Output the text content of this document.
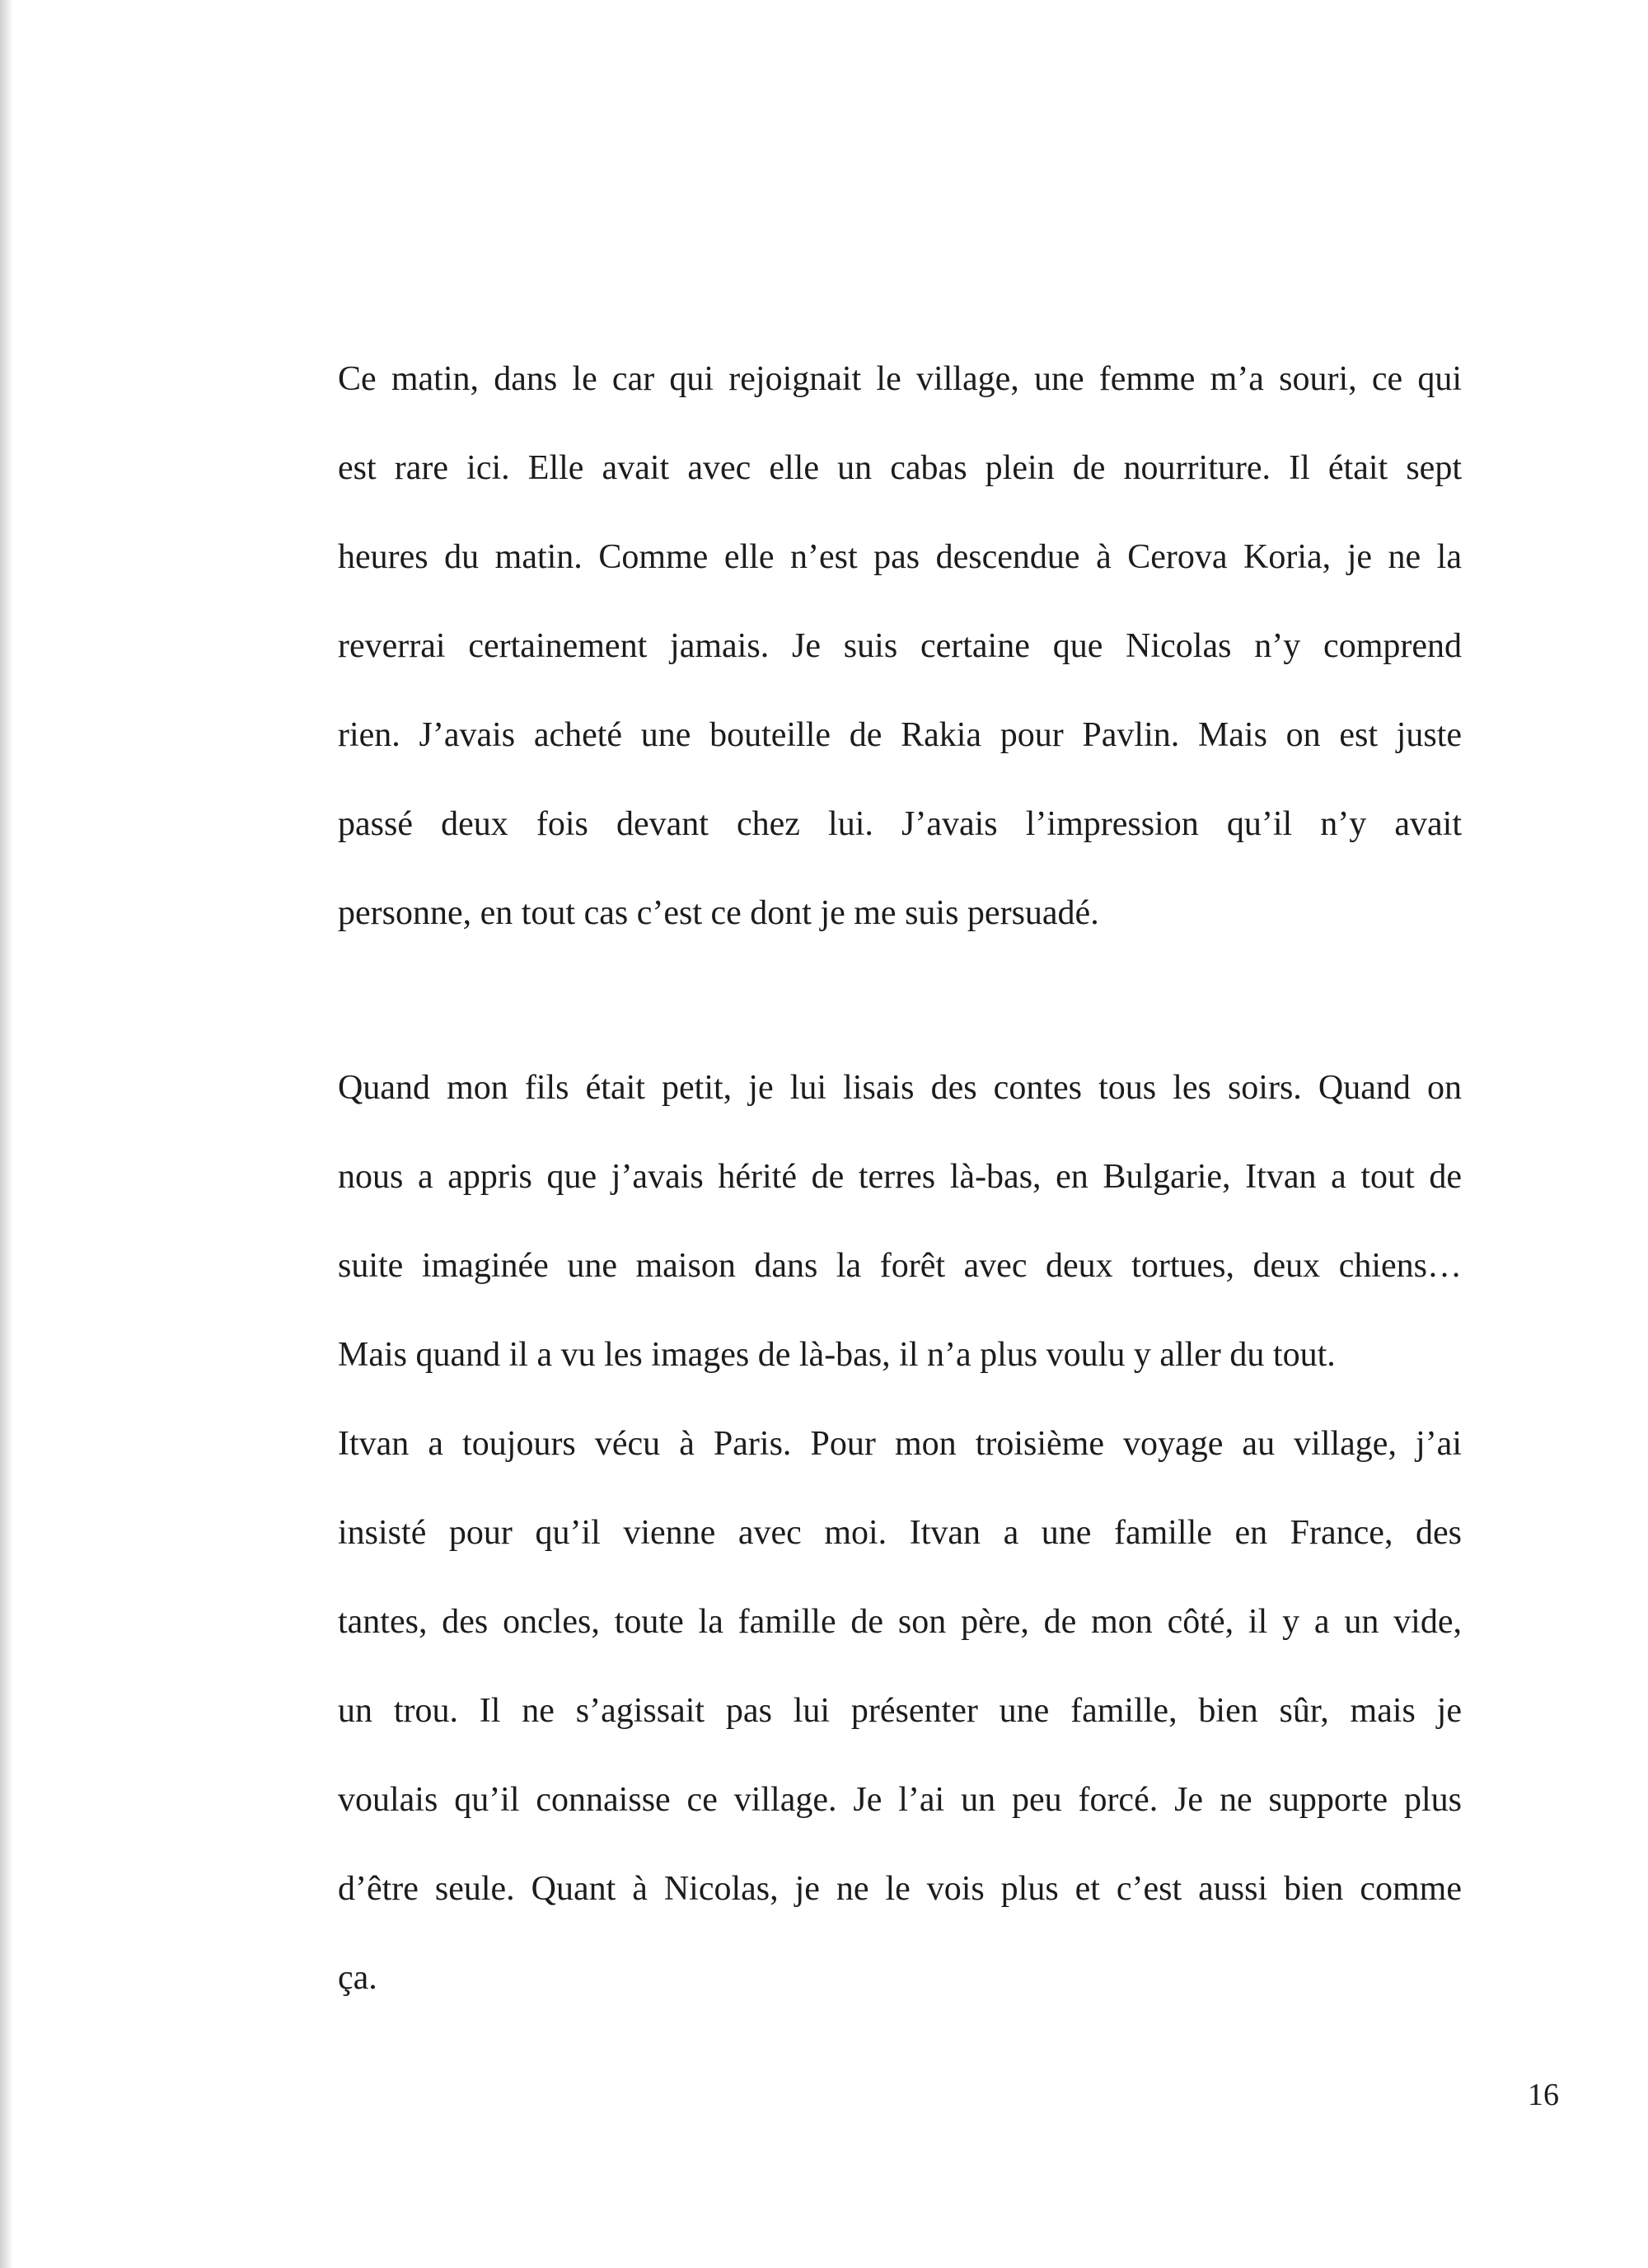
Ce matin, dans le car qui rejoignait le village, une femme m’a souri, ce qui
est rare ici. Elle avait avec elle un cabas plein de nourriture. Il était sept
heures du matin. Comme elle n’est pas descendue à Cerova Koria, je ne la
reverrai certainement jamais. Je suis certaine que Nicolas n’y comprend
rien. J’avais acheté une bouteille de Rakia pour Pavlin. Mais on est juste
passé deux fois devant chez lui. J’avais l’impression qu’il n’y avait
personne, en tout cas c’est ce dont je me suis persuadé.
Quand mon fils était petit, je lui lisais des contes tous les soirs. Quand on
nous a appris que j’avais hérité de terres là-bas, en Bulgarie, Itvan a tout de
suite imaginée une maison dans la forêt avec deux tortues, deux chiens…
Mais quand il a vu les images de là-bas, il n’a plus voulu y aller du tout.
Itvan a toujours vécu à Paris. Pour mon troisième voyage au village, j’ai
insisté pour qu’il vienne avec moi. Itvan a une famille en France, des
tantes, des oncles, toute la famille de son père, de mon côté, il y a un vide,
un trou. Il ne s’agissait pas lui présenter une famille, bien sûr, mais je
voulais qu’il connaisse ce village. Je l’ai un peu forcé. Je ne supporte plus
d’être seule. Quant à Nicolas, je ne le vois plus et c’est aussi bien comme
ça.
16
